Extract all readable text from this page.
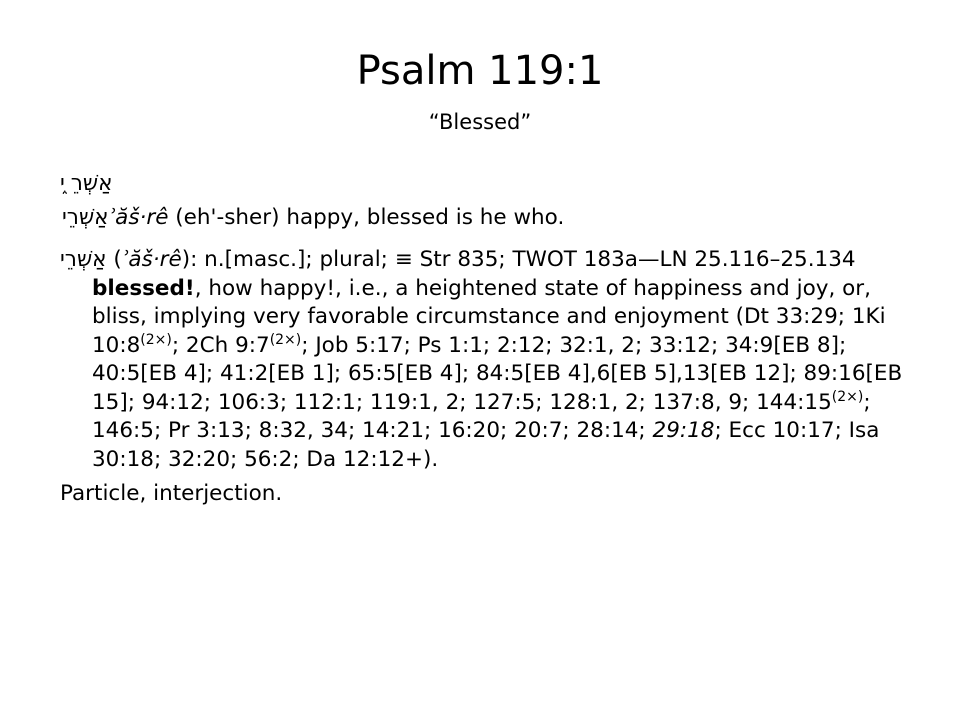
Psalm 119:1
“Blessed”
אַשְׁרֵ ֑י
אַשְׁרֵיʾăš·rê (eh'-sher) happy, blessed is he who.
אַשְׁרֵי (ʾăš·rê): n.[masc.]; plural; ≡ Str 835; TWOT 183a—LN 25.116–25.134 blessed!, how happy!, i.e., a heightened state of happiness and joy, or, bliss, implying very favorable circumstance and enjoyment (Dt 33:29; 1Ki $10:8^{(2\times)}$; 2Ch $9:7^{(2\times)}$; Job 5:17; Ps 1:1; 2:12; 32:1, 2; 33:12; 34:9[EB 8]; 40:5[EB 4]; 41:2[EB 1]; 65:5[EB 4]; 84:5[EB 4],6[EB 5],13[EB 12]; 89:16[EB 15]; 94:12; 106:3; 112:1; 119:1, 2; 127:5; 128:1, 2; 137:8, 9; $144:15^{(2\times)}$; 146:5; Pr 3:13; 8:32, 34; 14:21; 16:20; 20:7; 28:14; 29:18; Ecc 10:17; Isa 30:18; 32:20; 56:2; Da 12:12+).
Particle, interjection.
